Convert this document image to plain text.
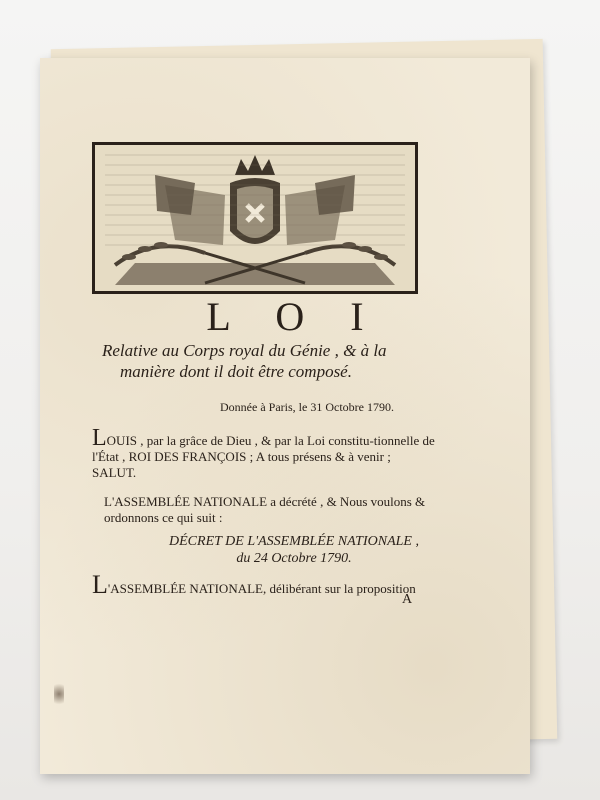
L O I
Relative au Corps royal du Génie , & à la
manière dont il doit être composé.
Donnée à Paris, le 31 Octobre 1790.
LOUIS , par la grâce de Dieu , & par la Loi constitu-tionnelle de l'État , ROI DES FRANÇOIS ; A tous présens & à venir ; SALUT.
L'ASSEMBLÉE NATIONALE a décrété , & Nous voulons & ordonnons ce qui suit :
DÉCRET DE L'ASSEMBLÉE NATIONALE ,
du 24 Octobre 1790.
L'ASSEMBLÉE NATIONALE, délibérant sur la proposition
A
